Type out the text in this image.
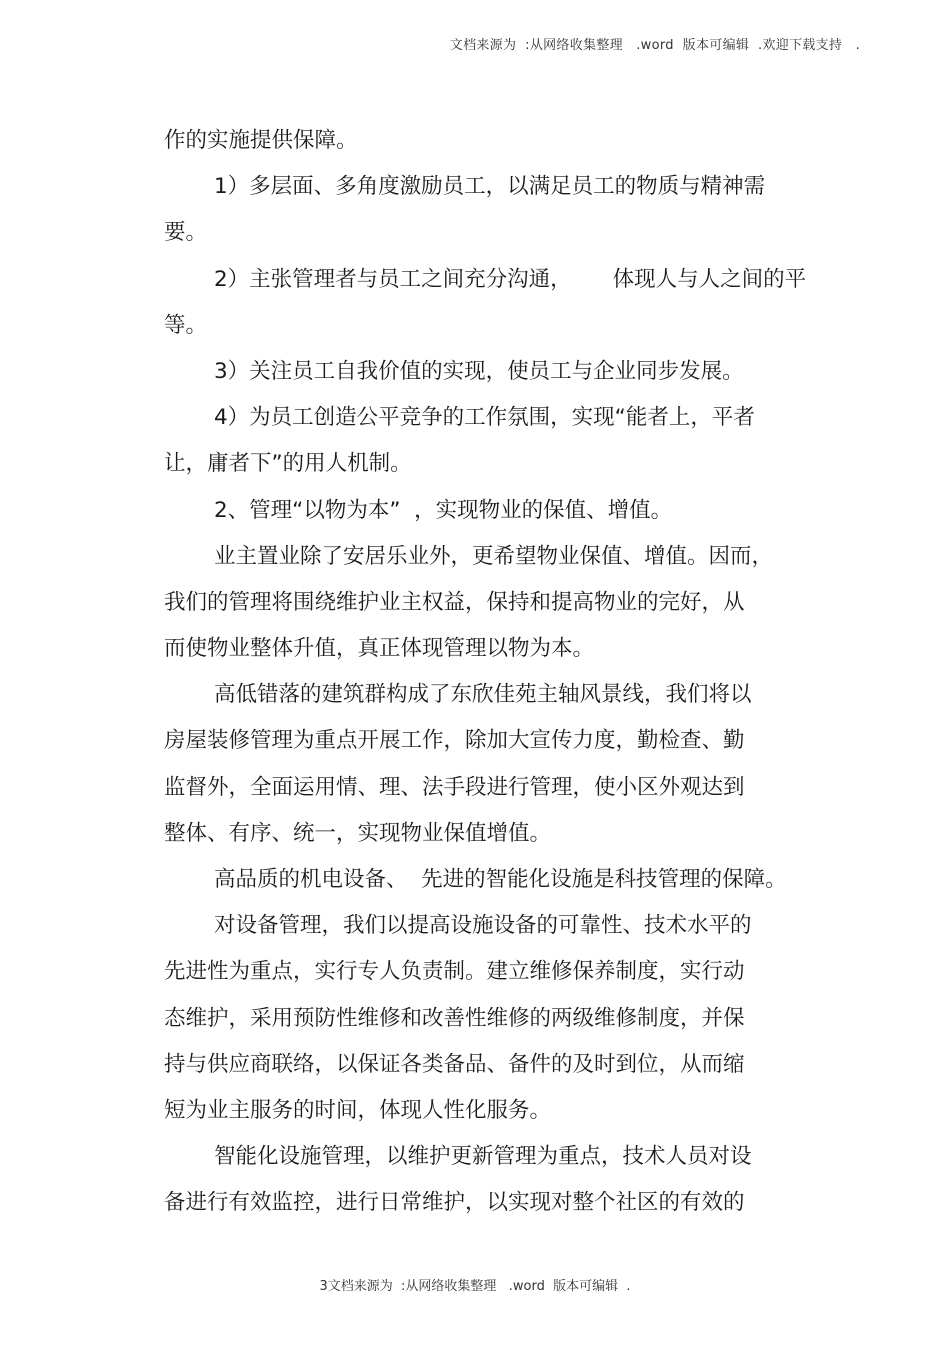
文档来源为  :从网络收集整理   .word  版本可编辑  .欢迎下载支持   .
作的实施提供保障。
1）多层面、多角度激励员工，以满足员工的物质与精神需
要。
2）主张管理者与员工之间充分沟通，      体现人与人之间的平
等。
3）关注员工自我价值的实现，使员工与企业同步发展。
4）为员工创造公平竞争的工作氛围，实现“能者上，平者
让，庸者下”的用人机制。
2、管理“以物为本”  ，实现物业的保值、增值。
业主置业除了安居乐业外，更希望物业保值、增值。因而，
我们的管理将围绕维护业主权益，保持和提高物业的完好，从
而使物业整体升值，真正体现管理以物为本。
高低错落的建筑群构成了东欣佳苑主轴风景线，我们将以
房屋装修管理为重点开展工作，除加大宣传力度，勤检查、勤
监督外，全面运用情、理、法手段进行管理，使小区外观达到
整体、有序、统一，实现物业保值增值。
高品质的机电设备、  先进的智能化设施是科技管理的保障。
对设备管理，我们以提高设施设备的可靠性、技术水平的
先进性为重点，实行专人负责制。建立维修保养制度，实行动
态维护，采用预防性维修和改善性维修的两级维修制度，并保
持与供应商联络，以保证各类备品、备件的及时到位，从而缩
短为业主服务的时间，体现人性化服务。
智能化设施管理，以维护更新管理为重点，技术人员对设
备进行有效监控，进行日常维护，以实现对整个社区的有效的
3文档来源为  :从网络收集整理   .word  版本可编辑  .
